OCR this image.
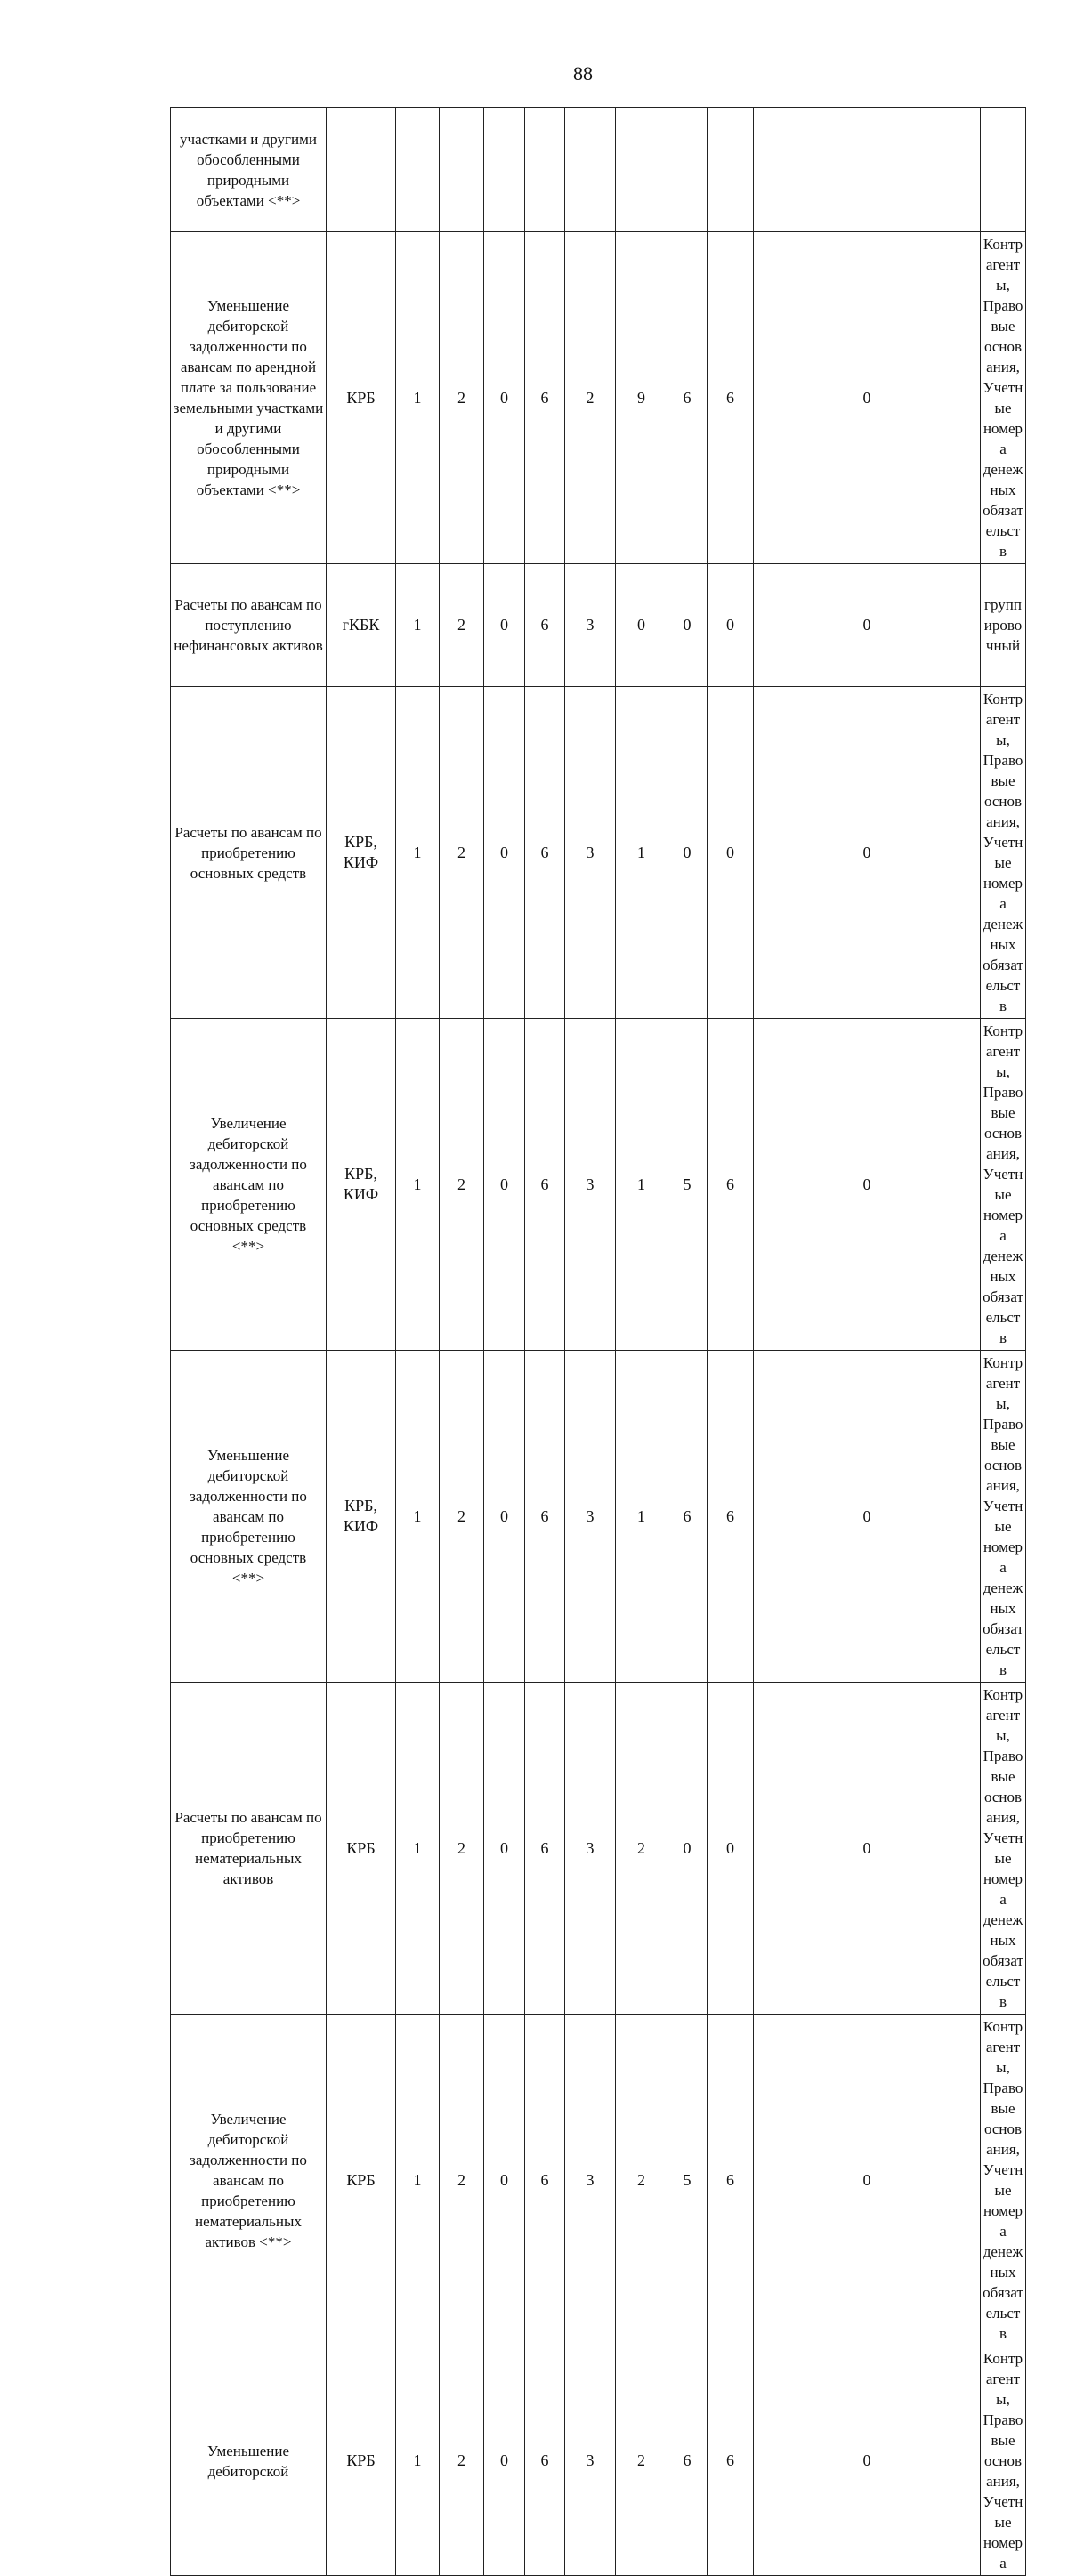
88
участками и другими обособленными природными объектами <**>											
Уменьшение дебиторской задолженности по авансам по арендной плате за пользование земельными участками и другими обособленными природными объектами <**>	КРБ	1	2	0	6	2	9	6	6	0	Контрагенты, Правовые основания, Учетные номера денежных обязательств
Расчеты по авансам по поступлению нефинансовых активов	гКБК	1	2	0	6	3	0	0	0	0	группировочный
Расчеты по авансам по приобретению основных средств	КРБ, КИФ	1	2	0	6	3	1	0	0	0	Контрагенты, Правовые основания, Учетные номера денежных обязательств
Увеличение дебиторской задолженности по авансам по приобретению основных средств <**>	КРБ, КИФ	1	2	0	6	3	1	5	6	0	Контрагенты, Правовые основания, Учетные номера денежных обязательств
Уменьшение дебиторской задолженности по авансам по приобретению основных средств <**>	КРБ, КИФ	1	2	0	6	3	1	6	6	0	Контрагенты, Правовые основания, Учетные номера денежных обязательств
Расчеты по авансам по приобретению нематериальных активов	КРБ	1	2	0	6	3	2	0	0	0	Контрагенты, Правовые основания, Учетные номера денежных обязательств
Увеличение дебиторской задолженности по авансам по приобретению нематериальных активов <**>	КРБ	1	2	0	6	3	2	5	6	0	Контрагенты, Правовые основания, Учетные номера денежных обязательств
Уменьшение дебиторской	КРБ	1	2	0	6	3	2	6	6	0	Контрагенты, Правовые основания, Учетные номера
